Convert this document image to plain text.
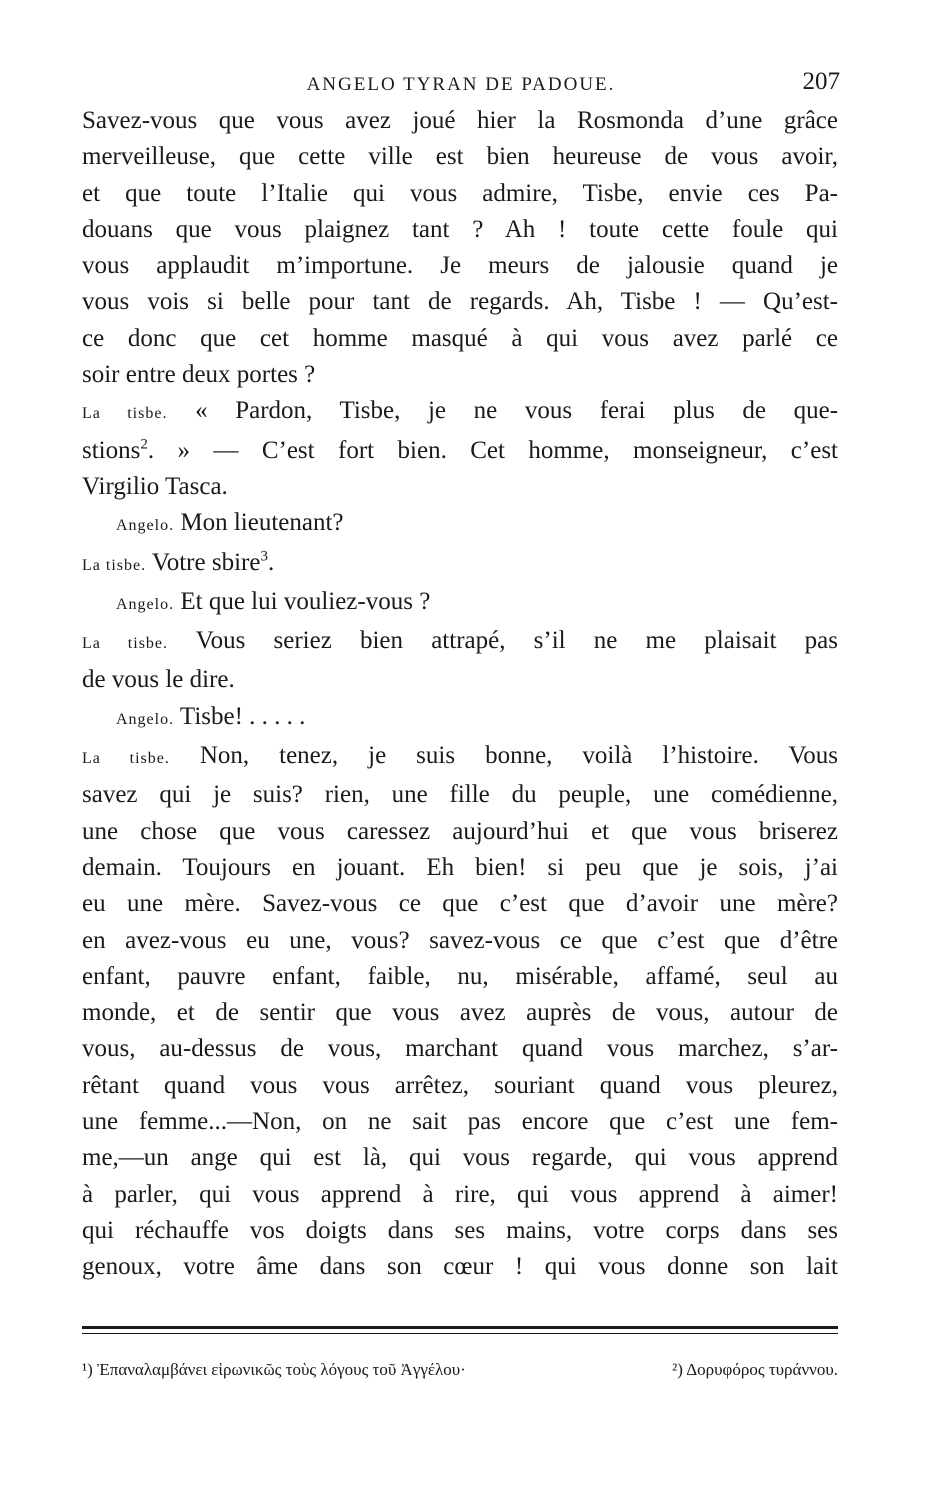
ANGELO TYRAN DE PADOUE.	207
Savez-vous que vous avez joué hier la Rosmonda d’une grâce
merveilleuse, que cette ville est bien heureuse de vous avoir,
et que toute l’Italie qui vous admire, Tisbe, envie ces Pa-
douans que vous plaignez tant ? Ah ! toute cette foule qui
vous applaudit m’importune. Je meurs de jalousie quand je
vous vois si belle pour tant de regards. Ah, Tisbe ! — Qu’est-
ce donc que cet homme masqué à qui vous avez parlé ce
soir entre deux portes ?
La tisbe. « Pardon, Tisbe, je ne vous ferai plus de que-
stions$^2$. » — C’est fort bien. Cet homme, monseigneur, c’est
Virgilio Tasca.
Angelo. Mon lieutenant?
La tisbe. Votre sbire$^3$.
Angelo. Et que lui vouliez-vous ?
La tisbe. Vous seriez bien attrapé, s’il ne me plaisait pas
de vous le dire.
Angelo. Tisbe! . . . . .
La tisbe. Non, tenez, je suis bonne, voilà l’histoire. Vous
savez qui je suis? rien, une fille du peuple, une comédienne,
une chose que vous caressez aujourd’hui et que vous briserez
demain. Toujours en jouant. Eh bien! si peu que je sois, j’ai
eu une mère. Savez-vous ce que c’est que d’avoir une mère?
en avez-vous eu une, vous? savez-vous ce que c’est que d’être
enfant, pauvre enfant, faible, nu, misérable, affamé, seul au
monde, et de sentir que vous avez auprès de vous, autour de
vous, au-dessus de vous, marchant quand vous marchez, s’ar-
rêtant quand vous vous arrêtez, souriant quand vous pleurez,
une femme...—Non, on ne sait pas encore que c’est une fem-
me,—un ange qui est là, qui vous regarde, qui vous apprend
à parler, qui vous apprend à rire, qui vous apprend à aimer!
qui réchauffe vos doigts dans ses mains, votre corps dans ses
genoux, votre âme dans son cœur ! qui vous donne son lait
¹) Ἐπαναλαμβάνει εἰρωνικῶς τοὺς λόγους τοῦ Ἀγγέλου·	²) Δορυφόρος τυράννου.
